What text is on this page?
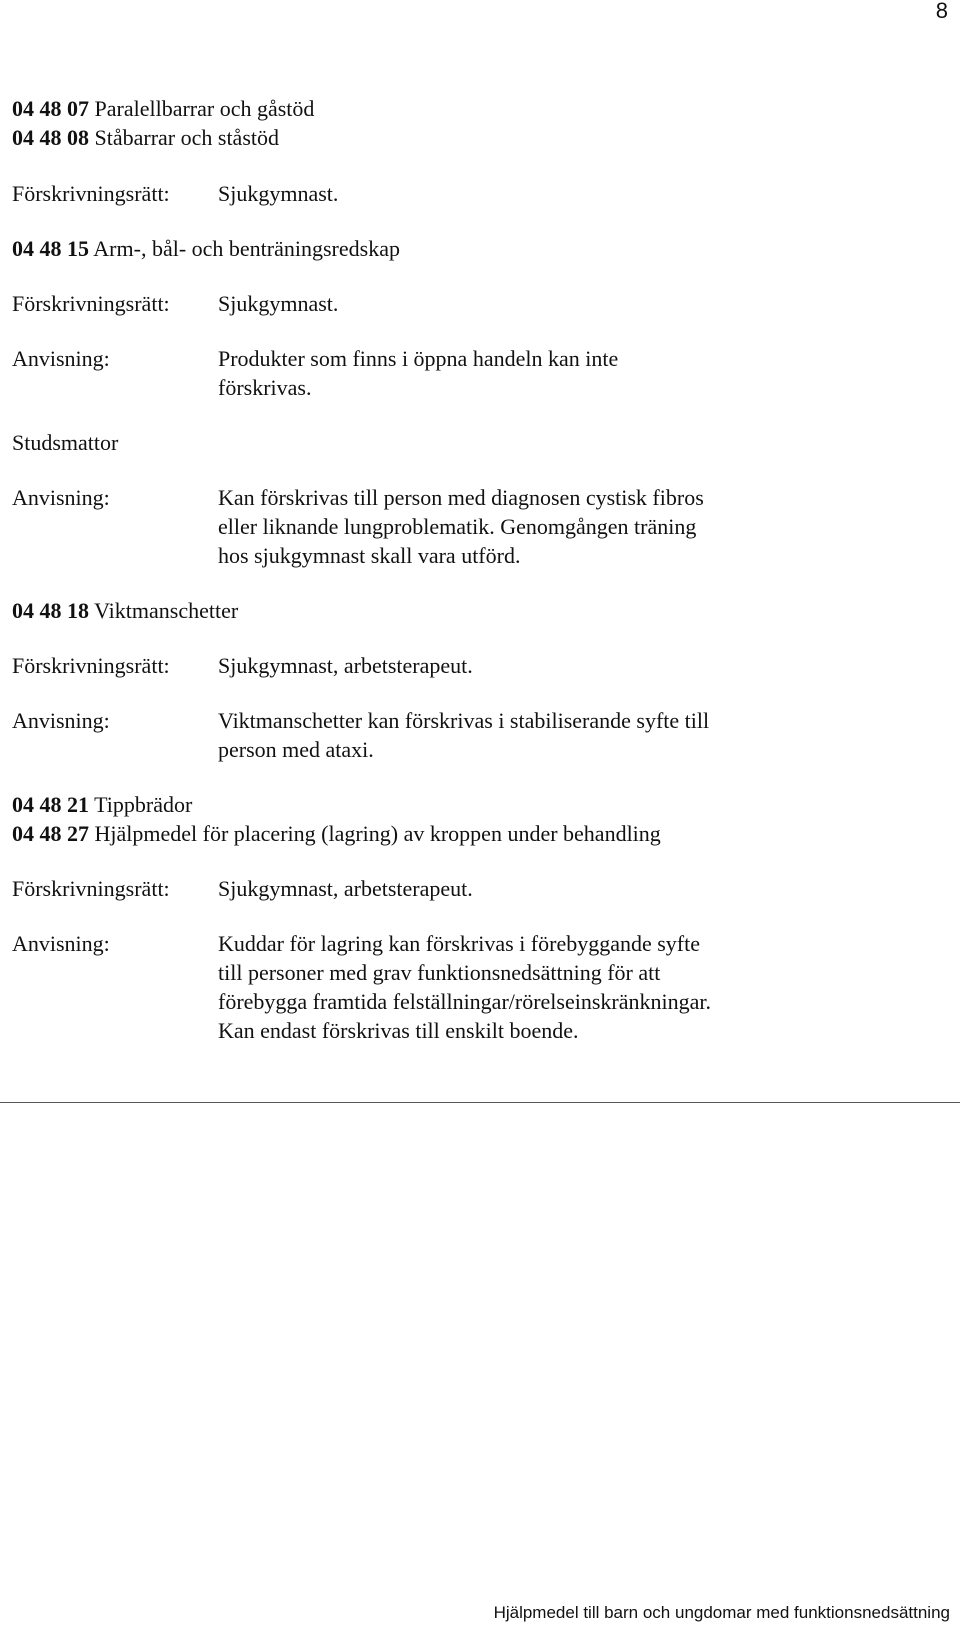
8
04 48 07 Paralellbarrar och gåstöd
04 48 08 Ståbarrar och ståstöd
Förskrivningsrätt:	Sjukgymnast.
04 48 15 Arm-, bål- och benträningsredskap
Förskrivningsrätt:	Sjukgymnast.
Anvisning:	Produkter som finns i öppna handeln kan inte
förskrivas.
Studsmattor
Anvisning:	Kan förskrivas till person med diagnosen cystisk fibros
eller liknande lungproblematik. Genomgången träning
hos sjukgymnast skall vara utförd.
04 48 18 Viktmanschetter
Förskrivningsrätt:	Sjukgymnast, arbetsterapeut.
Anvisning:	Viktmanschetter kan förskrivas i stabiliserande syfte till
person med ataxi.
04 48 21 Tippbrädor
04 48 27 Hjälpmedel för placering (lagring) av kroppen under behandling
Förskrivningsrätt:	Sjukgymnast, arbetsterapeut.
Anvisning:	Kuddar för lagring kan förskrivas i förebyggande syfte
till personer med grav funktionsnedsättning för att
förebygga framtida felställningar/rörelseinskränkningar.
Kan endast förskrivas till enskilt boende.
Hjälpmedel till barn och ungdomar med funktionsnedsättning
